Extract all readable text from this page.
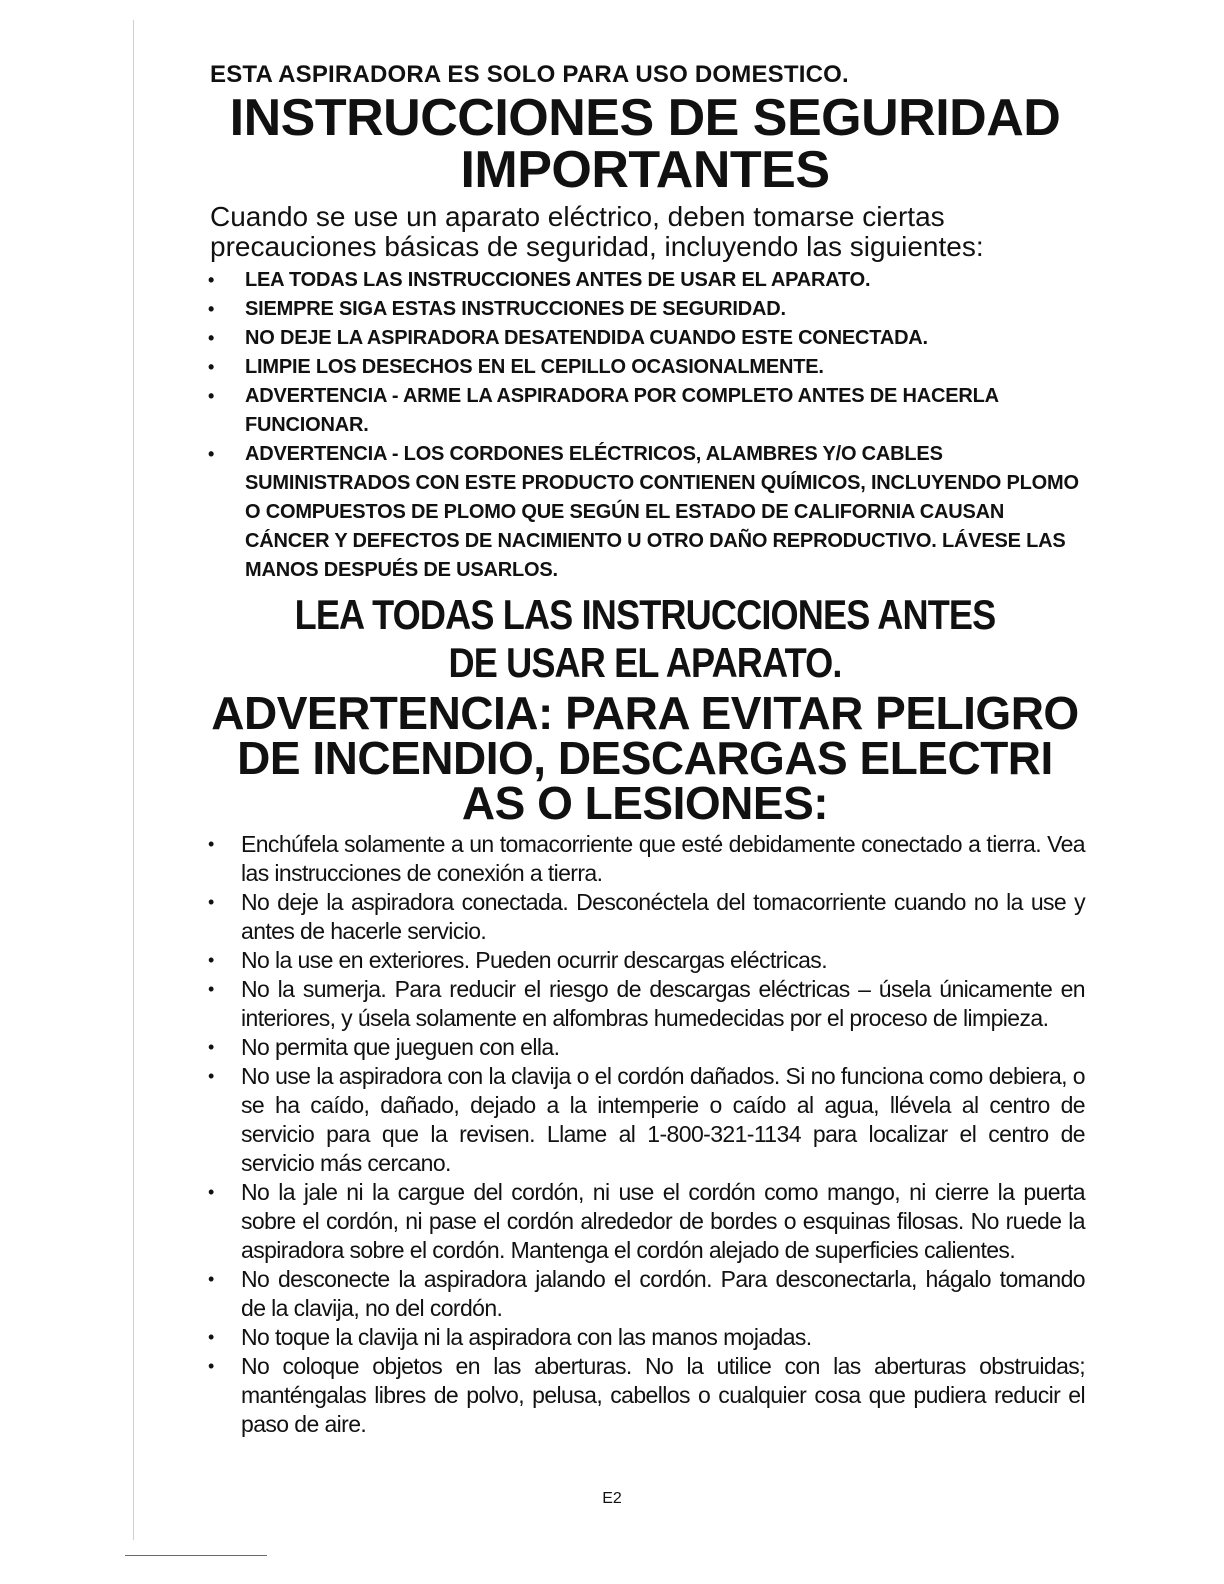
ESTA ASPIRADORA ES SOLO PARA USO DOMESTICO.

INSTRUCCIONES DE SEGURIDAD
IMPORTANTES

Cuando se use un aparato eléctrico, deben tomarse ciertas precauciones básicas de seguridad, incluyendo las siguientes:

• LEA TODAS LAS INSTRUCCIONES ANTES DE USAR EL APARATO.
• SIEMPRE SIGA ESTAS INSTRUCCIONES DE SEGURIDAD.
• NO DEJE LA ASPIRADORA DESATENDIDA CUANDO ESTE CONECTADA.
• LIMPIE LOS DESECHOS EN EL CEPILLO OCASIONALMENTE.
• ADVERTENCIA - ARME LA ASPIRADORA POR COMPLETO ANTES DE HACERLA FUNCIONAR.
• ADVERTENCIA - LOS CORDONES ELÉCTRICOS, ALAMBRES Y/O CABLES SUMINISTRADOS CON ESTE PRODUCTO CONTIENEN QUÍMICOS, INCLUYENDO PLOMO O COMPUESTOS DE PLOMO QUE SEGÚN EL ESTADO DE CALIFORNIA CAUSAN CÁNCER Y DEFECTOS DE NACIMIENTO U OTRO DAÑO REPRODUCTIVO. LÁVESE LAS MANOS DESPUÉS DE USARLOS.
LEA TODAS LAS INSTRUCCIONES ANTES DE USAR EL APARATO.
ADVERTENCIA: PARA EVITAR PELIGRO DE INCENDIO, DESCARGAS ELECTRI AS O LESIONES:
• Enchúfela solamente a un tomacorriente que esté debidamente conectado a tierra. Vea las instrucciones de conexión a tierra.
• No deje la aspiradora conectada. Desconéctela del tomacorriente cuando no la use y antes de hacerle servicio.
• No la use en exteriores. Pueden ocurrir descargas eléctricas.
• No la sumerja. Para reducir el riesgo de descargas eléctricas – úsela únicamente en interiores, y úsela solamente en alfombras humedecidas por el proceso de limpieza.
• No permita que jueguen con ella.
• No use la aspiradora con la clavija o el cordón dañados. Si no funciona como debiera, o se ha caído, dañado, dejado a la intemperie o caído al agua, llévela al centro de servicio para que la revisen. Llame al 1-800-321-1134 para localizar el centro de servicio más cercano.
• No la jale ni la cargue del cordón, ni use el cordón como mango, ni cierre la puerta sobre el cordón, ni pase el cordón alrededor de bordes o esquinas filosas. No ruede la aspiradora sobre el cordón. Mantenga el cordón alejado de superficies calientes.
• No desconecte la aspiradora jalando el cordón. Para desconectarla, hágalo tomando de la clavija, no del cordón.
• No toque la clavija ni la aspiradora con las manos mojadas.
• No coloque objetos en las aberturas. No la utilice con las aberturas obstruidas; manténgalas libres de polvo, pelusa, cabellos o cualquier cosa que pudiera reducir el paso de aire.
E2
